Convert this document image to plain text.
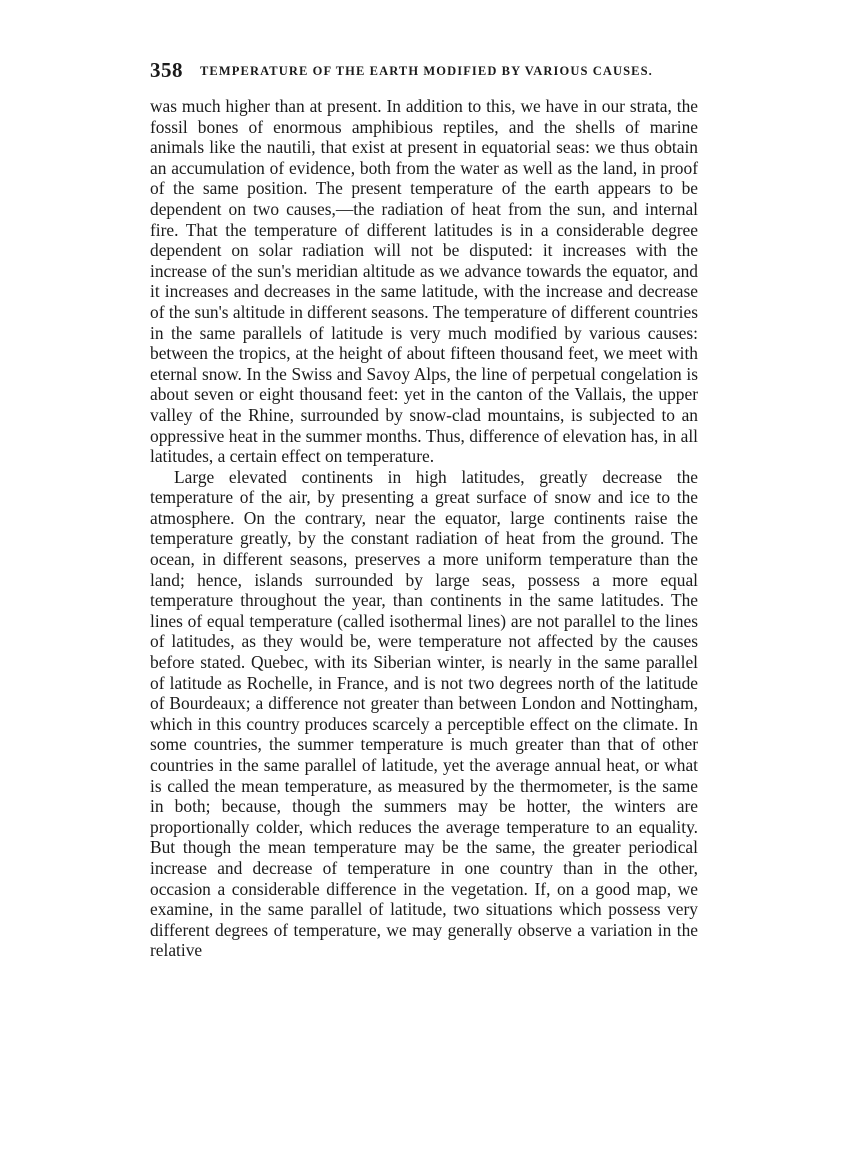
358 TEMPERATURE OF THE EARTH MODIFIED BY VARIOUS CAUSES.

was much higher than at present. In addition to this, we have in our strata, the fossil bones of enormous amphibious reptiles, and the shells of marine animals like the nautili, that exist at present in equatorial seas: we thus obtain an accumulation of evidence, both from the water as well as the land, in proof of the same position. The present temperature of the earth appears to be dependent on two causes,—the radiation of heat from the sun, and internal fire. That the temperature of different latitudes is in a considerable degree dependent on solar radiation will not be disputed: it increases with the increase of the sun's meridian altitude as we advance towards the equator, and it increases and decreases in the same latitude, with the increase and decrease of the sun's altitude in different seasons. The temperature of different countries in the same parallels of latitude is very much modified by various causes: between the tropics, at the height of about fifteen thousand feet, we meet with eternal snow. In the Swiss and Savoy Alps, the line of perpetual congelation is about seven or eight thousand feet: yet in the canton of the Vallais, the upper valley of the Rhine, surrounded by snow-clad mountains, is subjected to an oppressive heat in the summer months. Thus, difference of elevation has, in all latitudes, a certain effect on temperature.

Large elevated continents in high latitudes, greatly decrease the temperature of the air, by presenting a great surface of snow and ice to the atmosphere. On the contrary, near the equator, large continents raise the temperature greatly, by the constant radiation of heat from the ground. The ocean, in different seasons, preserves a more uniform temperature than the land; hence, islands surrounded by large seas, possess a more equal temperature throughout the year, than continents in the same latitudes. The lines of equal temperature (called isothermal lines) are not parallel to the lines of latitudes, as they would be, were temperature not affected by the causes before stated. Quebec, with its Siberian winter, is nearly in the same parallel of latitude as Rochelle, in France, and is not two degrees north of the latitude of Bourdeaux; a difference not greater than between London and Nottingham, which in this country produces scarcely a perceptible effect on the climate. In some countries, the summer temperature is much greater than that of other countries in the same parallel of latitude, yet the average annual heat, or what is called the mean temperature, as measured by the thermometer, is the same in both; because, though the summers may be hotter, the winters are proportionally colder, which reduces the average temperature to an equality. But though the mean temperature may be the same, the greater periodical increase and decrease of temperature in one country than in the other, occasion a considerable difference in the vegetation. If, on a good map, we examine, in the same parallel of latitude, two situations which possess very different degrees of temperature, we may generally observe a variation in the relative
